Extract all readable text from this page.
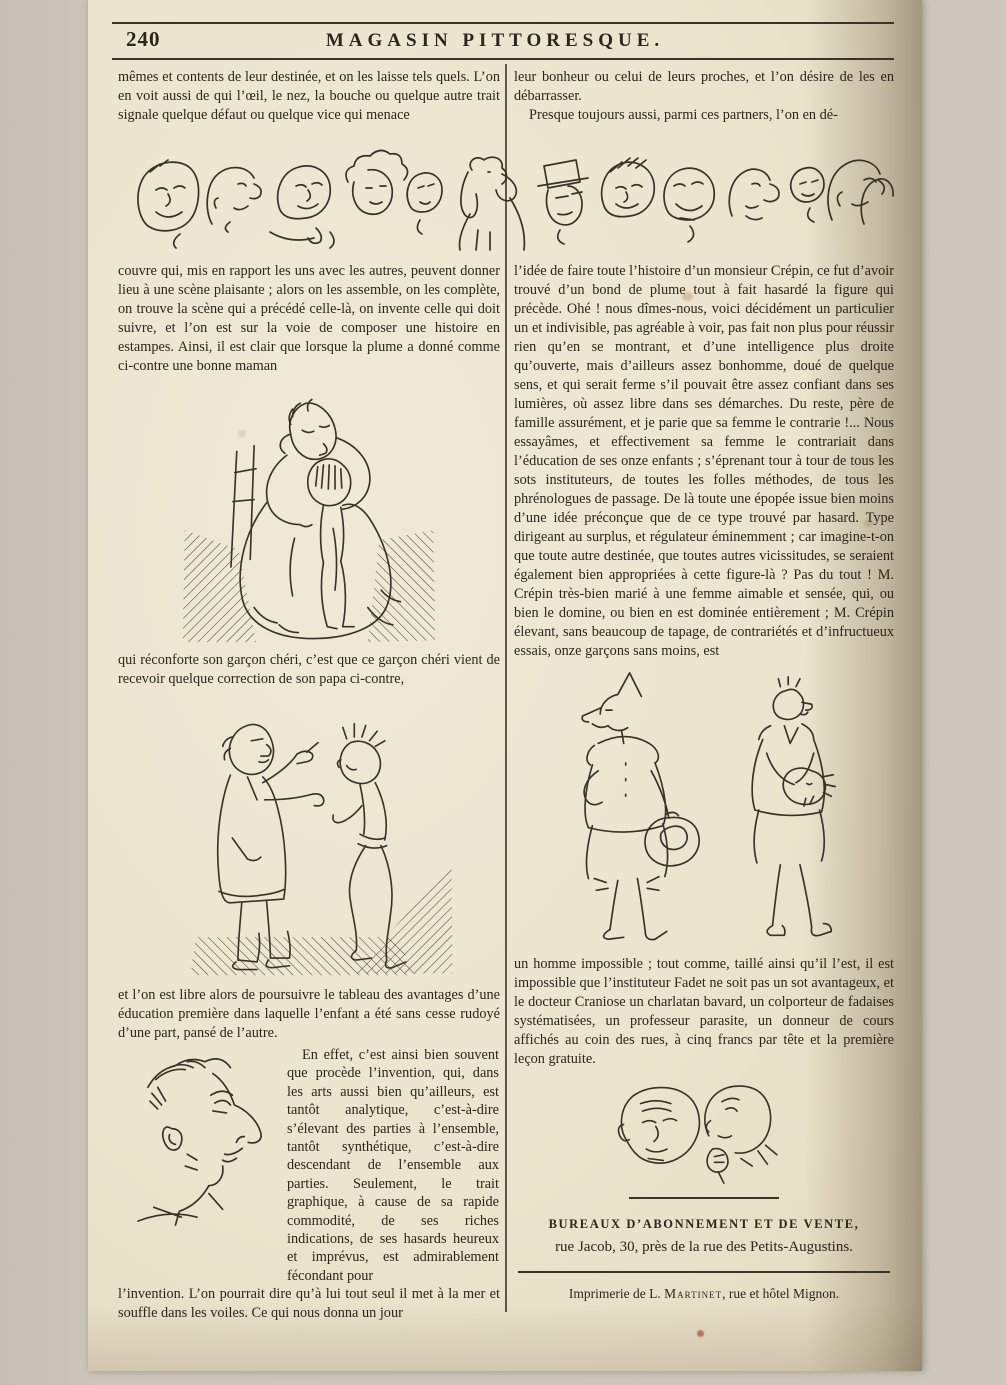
240	MAGASIN PITTORESQUE.

mêmes et contents de leur destinée, et on les laisse tels quels. L’on en voit aussi de qui l’œil, le nez, la bouche ou quelque autre trait signale quelque défaut ou quelque vice qui menace

leur bonheur ou celui de leurs proches, et l’on désire de les en débarrasser.

Presque toujours aussi, parmi ces partners, l’on en dé-

couvre qui, mis en rapport les uns avec les autres, peuvent donner lieu à une scène plaisante ; alors on les assemble, on les complète, on trouve la scène qui a précédé celle-là, on invente celle qui doit suivre, et l’on est sur la voie de composer une histoire en estampes. Ainsi, il est clair que lorsque la plume a donné comme ci-contre une bonne maman

qui réconforte son garçon chéri, c’est que ce garçon chéri vient de recevoir quelque correction de son papa ci-contre,

et l’on est libre alors de poursuivre le tableau des avantages d’une éducation première dans laquelle l’enfant a été sans cesse rudoyé d’une part, pansé de l’autre.

En effet, c’est ainsi bien souvent que procède l’invention, qui, dans les arts aussi bien qu’ailleurs, est tantôt analytique, c’est-à-dire s’élevant des parties à l’ensemble, tantôt synthétique, c’est-à-dire descendant de l’ensemble aux parties. Seulement, le trait graphique, à cause de sa rapide commodité, de ses riches indications, de ses hasards heureux et imprévus, est admirablement fécondant pour

l’invention. L’on pourrait dire qu’à lui tout seul il met à la mer et souffle dans les voiles. Ce qui nous donna un jour

l’idée de faire toute l’histoire d’un monsieur Crépin, ce fut d’avoir trouvé d’un bond de plume tout à fait hasardé la figure qui précède. Ohé ! nous dîmes-nous, voici décidément un particulier un et indivisible, pas agréable à voir, pas fait non plus pour réussir rien qu’en se montrant, et d’une intelligence plus droite qu’ouverte, mais d’ailleurs assez bonhomme, doué de quelque sens, et qui serait ferme s’il pouvait être assez confiant dans ses lumières, où assez libre dans ses démarches. Du reste, père de famille assurément, et je parie que sa femme le contrarie !... Nous essayâmes, et effectivement sa femme le contrariait dans l’éducation de ses onze enfants ; s’éprenant tour à tour de tous les sots instituteurs, de toutes les folles méthodes, de tous les phrénologues de passage. De là toute une épopée issue bien moins d’une idée préconçue que de ce type trouvé par hasard. Type dirigeant au surplus, et régulateur éminemment ; car imagine-t-on que toute autre destinée, que toutes autres vicissitudes, se seraient également bien appropriées à cette figure-là ? Pas du tout ! M. Crépin très-bien marié à une femme aimable et sensée, qui, ou bien le domine, ou bien en est dominée entièrement ; M. Crépin élevant, sans beaucoup de tapage, de contrariétés et d’infructueux essais, onze garçons sans moins, est

un homme impossible ; tout comme, taillé ainsi qu’il l’est, il est impossible que l’instituteur Fadet ne soit pas un sot avantageux, et le docteur Craniose un charlatan bavard, un colporteur de fadaises systématisées, un professeur parasite, un donneur de cours affichés au coin des rues, à cinq francs par tête et la première leçon gratuite.

BUREAUX D’ABONNEMENT ET DE VENTE,
rue Jacob, 30, près de la rue des Petits-Augustins.
Imprimerie de L. Martinet, rue et hôtel Mignon.
